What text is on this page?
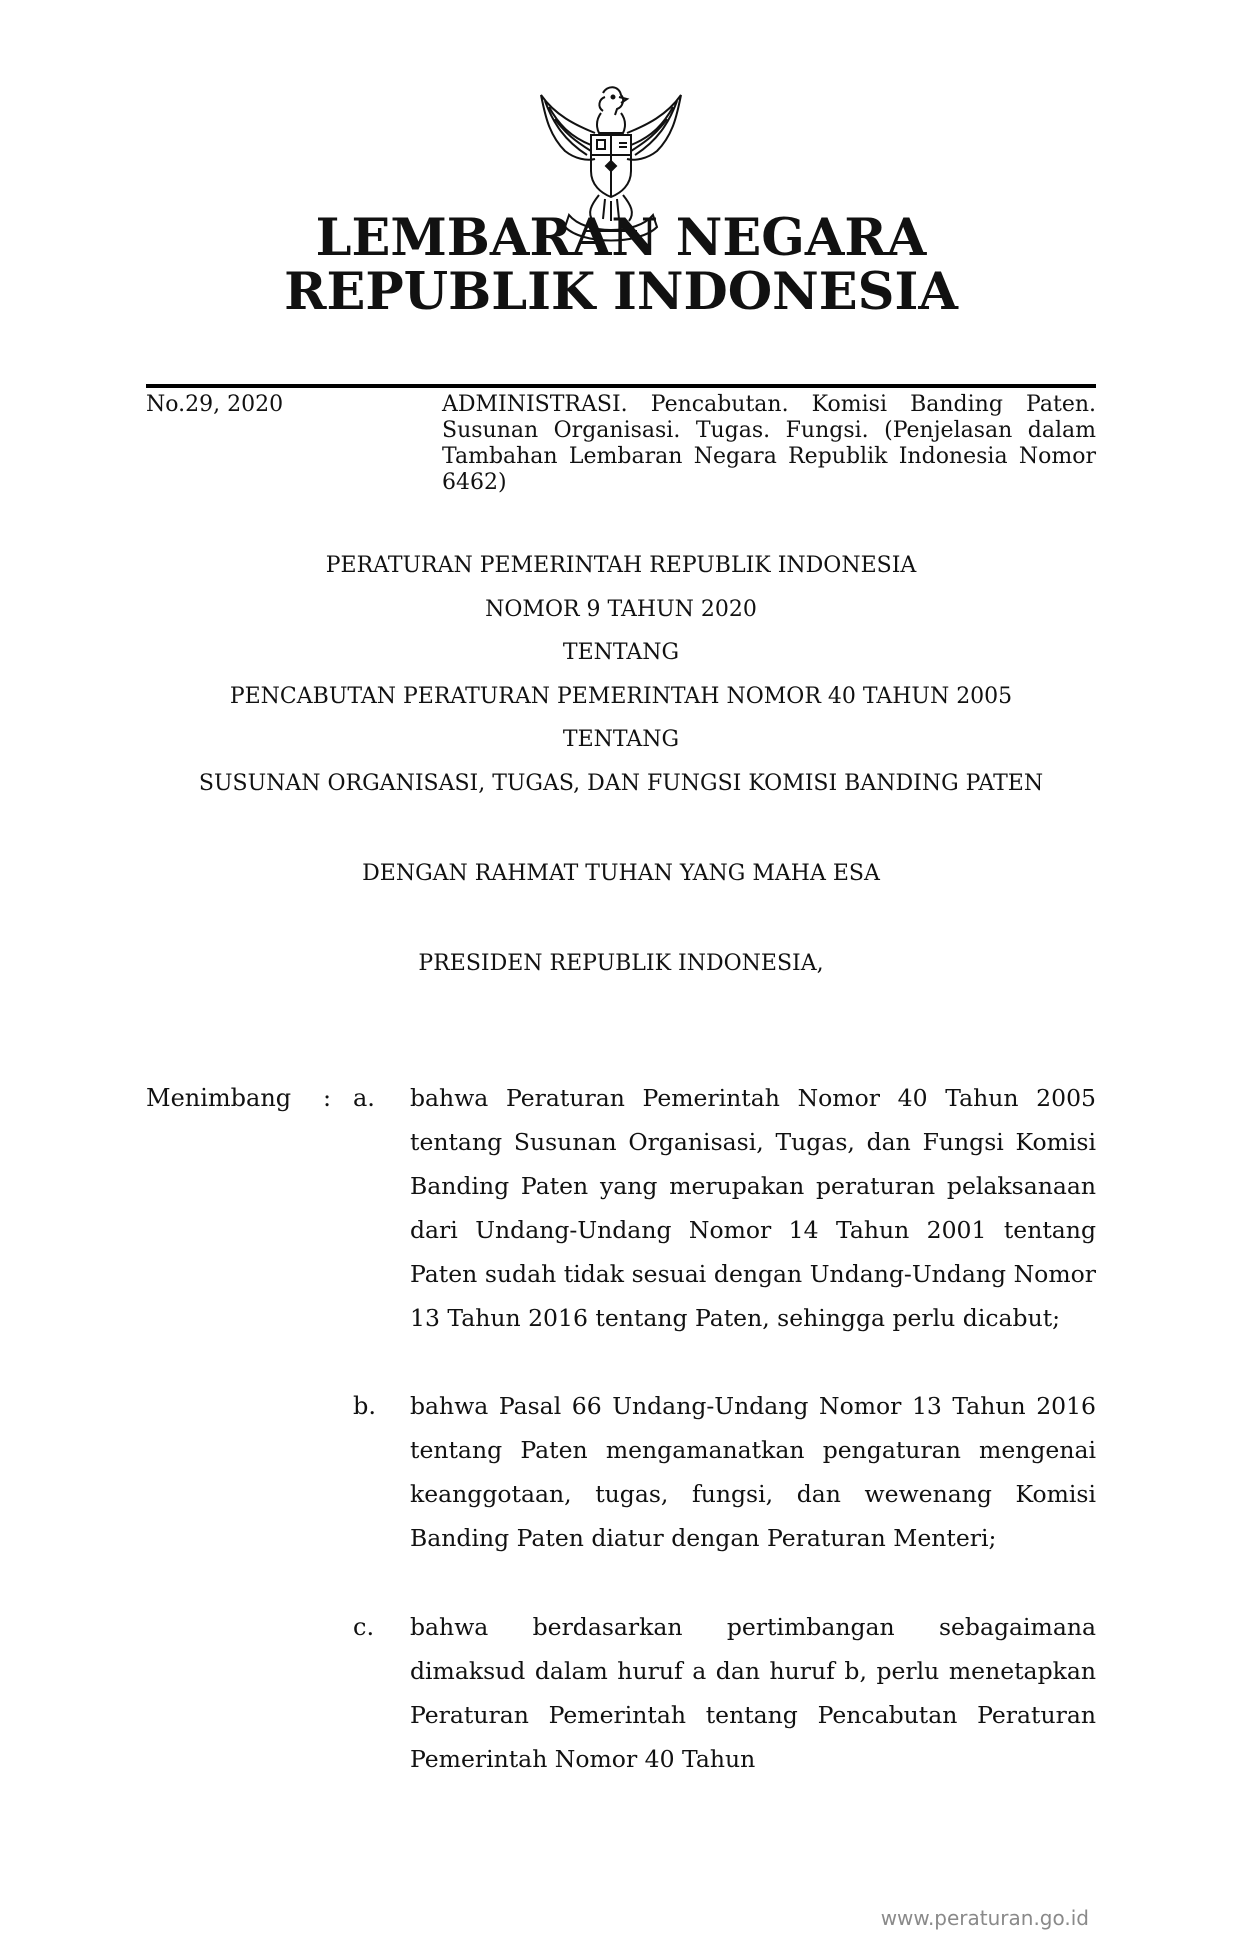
LEMBARAN NEGARA
REPUBLIK INDONESIA
No.29, 2020	ADMINISTRASI. Pencabutan. Komisi Banding Paten. Susunan Organisasi. Tugas. Fungsi. (Penjelasan dalam Tambahan Lembaran Negara Republik Indonesia Nomor 6462)

PERATURAN PEMERINTAH REPUBLIK INDONESIA
NOMOR 9 TAHUN 2020
TENTANG
PENCABUTAN PERATURAN PEMERINTAH NOMOR 40 TAHUN 2005
TENTANG
SUSUNAN ORGANISASI, TUGAS, DAN FUNGSI KOMISI BANDING PATEN
DENGAN RAHMAT TUHAN YANG MAHA ESA
PRESIDEN REPUBLIK INDONESIA,
Menimbang : a. bahwa Peraturan Pemerintah Nomor 40 Tahun 2005 tentang Susunan Organisasi, Tugas, dan Fungsi Komisi Banding Paten yang merupakan peraturan pelaksanaan dari Undang-Undang Nomor 14 Tahun 2001 tentang Paten sudah tidak sesuai dengan Undang-Undang Nomor 13 Tahun 2016 tentang Paten, sehingga perlu dicabut;

b. bahwa Pasal 66 Undang-Undang Nomor 13 Tahun 2016 tentang Paten mengamanatkan pengaturan mengenai keanggotaan, tugas, fungsi, dan wewenang Komisi Banding Paten diatur dengan Peraturan Menteri;

c. bahwa berdasarkan pertimbangan sebagaimana dimaksud dalam huruf a dan huruf b, perlu menetapkan Peraturan Pemerintah tentang Pencabutan Peraturan Pemerintah Nomor 40 Tahun

www.peraturan.go.id
